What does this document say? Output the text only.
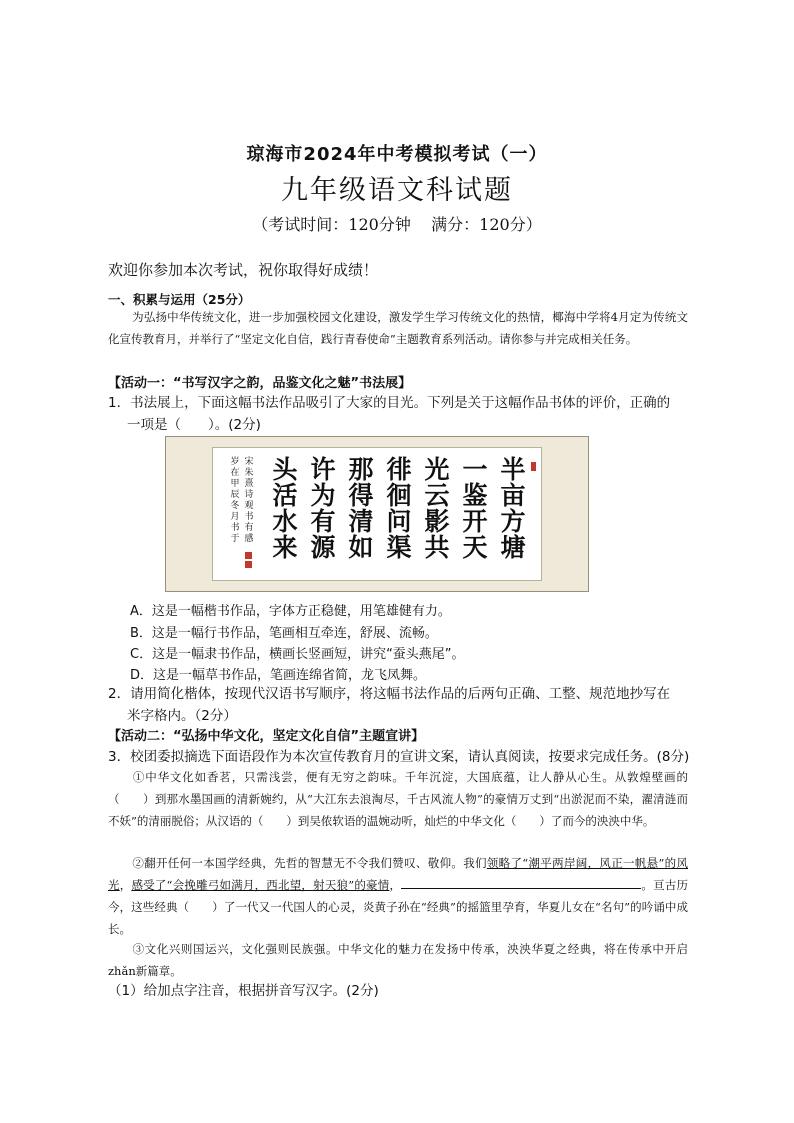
琼海市2024年中考模拟考试（一）
九年级语文科试题
（考试时间：120分钟    满分：120分）
欢迎你参加本次考试，祝你取得好成绩！
一、积累与运用（25分）
为弘扬中华传统文化，进一步加强校园文化建设，激发学生学习传统文化的热情，椰海中学将4月定为传统文化宣传教育月，并举行了“坚定文化自信，践行青春使命”主题教育系列活动。请你参与并完成相关任务。
【活动一：“书写汉字之韵，品鉴文化之魅”书法展】
1．书法展上，下面这幅书法作品吸引了大家的目光。下列是关于这幅作品书体的评价，正确的
一项是（　　）。(2分)
半
亩
方
塘
一
鉴
开
天
光
云
影
共
徘
徊
问
渠
那
得
清
如
许
为
有
源
头
活
水
来
宋
朱
熹
诗
观
书
有
感
岁
在
甲
辰
冬
月
书
于
A．这是一幅楷书作品，字体方正稳健，用笔雄健有力。
B．这是一幅行书作品，笔画相互牵连，舒展、流畅。
C．这是一幅隶书作品，横画长竖画短，讲究“蚕头燕尾”。
D．这是一幅草书作品，笔画连绵省简，龙飞凤舞。
2．请用简化楷体，按现代汉语书写顺序，将这幅书法作品的后两句正确、工整、规范地抄写在
米字格内。（2分）
【活动二：“弘扬中华文化，坚定文化自信”主题宣讲】
3．校团委拟摘选下面语段作为本次宣传教育月的宣讲文案，请认真阅读，按要求完成任务。(8分)
①中华文化如香茗，只需浅尝，便有无穷之韵味。千年沉淀，大国底蕴，让人静从心生。从敦煌壁画的（　　）到那水墨国画的清新婉约，从“大江东去浪淘尽，千古风流人物”的豪情万丈到“出淤泥而不染，濯清涟而不妖”的清丽脱俗；从汉语的（　　）到吴侬软语的温婉动听，灿烂的中华文化（　　）了而今的泱泱中华。
②翻开任何一本国学经典，先哲的智慧无不令我们赞叹、敬仰。我们领略了“潮平两岸阔，风正一帆悬”的风光，感受了“会挽雕弓如满月，西北望，射天狼”的豪情，	。亘古历今，这些经典（　　）了一代又一代国人的心灵，炎黄子孙在“经典”的摇篮里孕育，华夏儿女在“名句”的吟诵中成长。
③文化兴则国运兴，文化强则民族强。中华文化的魅力在发扬中传承，泱泱华夏之经典，将在传承中开启zhǎn新篇章。
（1）给加点字注音，根据拼音写汉字。(2分)
